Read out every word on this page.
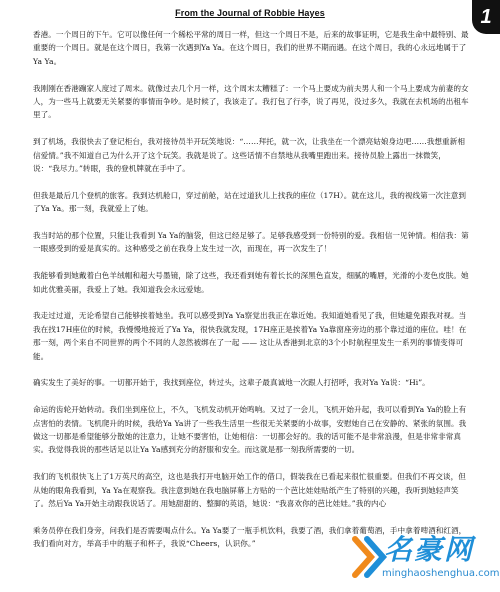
From the Journal of Robbie Hayes	1

香港。一个周日的下午。它可以像任何一个稀松平常的周日一样，但这一个周日不是，后来的故事证明，它是我生命中最特别、最重要的一个周日。就是在这个周日，我第一次遇到Ya Ya。在这个周日，我们的世界不期而遇。在这个周日，我的心永远地属于了Ya Ya。

我刚刚在香港蹦家人度过了周末。就像过去几个月一样，这个周末太糟糕了：一个马上要成为前夫男人和一个马上要成为前妻的女人，为一些马上就要无关紧要的事情而争吵。是时候了，我该走了。我打包了行李，说了再见，没过多久，我就在去机场的出租车里了。

到了机场，我很快去了登记柜台，我对接待员半开玩笑地说：“……拜托，就一次，让我坐在一个漂亮姑娘身边吧……我想重新相信爱情。”我不知道自己为什么开了这个玩笑。我就是说了。这些话情不自禁地从我嘴里跑出来。接待员脸上露出一抹微笑，说：“我尽力。”转眼，我的登机牌就在手中了。

但我是最后几个登机的旅客。我到达机舱口，穿过前舱，站在过道狄儿上找我的座位（17H）。就在这儿，我的视线第一次注意到了Ya Ya。那一刻，我就爱上了她。

我当时站的那个位置，只能让我看到 Ya Ya的脑袋，但这已经足够了。足够我感受到一份特别的爱。我相信一见钟情。相信我：第一眼感受到的爱是真实的。这种感受之前在我身上发生过一次，而现在，再一次发生了！

我能够看到她戴着白色羊绒帽和超大号墨镜，除了这些，我还看到她有着长长的深黑色直发，细腻的嘴唇，光滑的小麦色皮肤。她如此优雅美丽，我爱上了她。我知道我会永远爱她。

我走过过道，无论希望自己能够挨着她坐。我可以感受到Ya Ya察觉出我正在靠近她。我知道她看见了我，但她避免跟我对视。当我在找17H座位的时候，我慢慢地接近了Ya Ya，很快我就发现，17H座正是挨着Ya Ya靠窗座旁边的那个靠过道的座位。哇！在那一刻，两个来自不同世界的两个不同的人忽然被绑在了一起 —— 这让从香港到北京的3个小时航程里发生一系列的事情变得可能。

确实发生了美好的事。一切都开始于，我找到座位，转过头，这辈子最真诚地一次跟人打招呼，我对Ya Ya说：“Hi”。

命运的齿轮开始转动。我们坐到座位上，不久，飞机发动机开始鸣响。又过了一会儿，飞机开始升起，我可以看到Ya Ya的脸上有点害怕的表情。飞机爬升的时候，我给Ya Ya讲了一些我生活里一些很无关紧要的小故事，安慰她自己在安静的、紧张的氛围。我做这一切都是希望能够分散她的注意力，让她不要害怕，让她相信：一切都会好的。我的话可能不是非常浪漫，但是非常非常真实。我觉得我说的那些话足以让Ya Ya感到充分的舒服和安全。而这就是那一刻我所需要的一切。

我们的飞机很快飞上了1万英尺的高空，这也是我打开电脑开始工作的借口，假装我在已看起来很忙很重要。但我们不再交谈，但从她的眼角我看到，Ya Ya在观察我。我注意到她在我电脑屏幕上方贴的一个芭比娃娃贴纸产生了特别的兴趣，我听到她轻声笑了。然后Ya Ya开始主动跟我说话了。用她甜甜的、整脚的英语，她说：“我喜欢你的芭比娃娃。”我的内心

乘务员停在我们身旁，问我们是否需要喝点什么。Ya Ya要了一瓶手机饮料，我要了酒，我们拿着葡萄酒，手中拿着啤酒和红酒，我们看向对方，举高手中的瓶子和杯子，我说“Cheers，认识你。”	名豪网
minghaoshenghua.com
